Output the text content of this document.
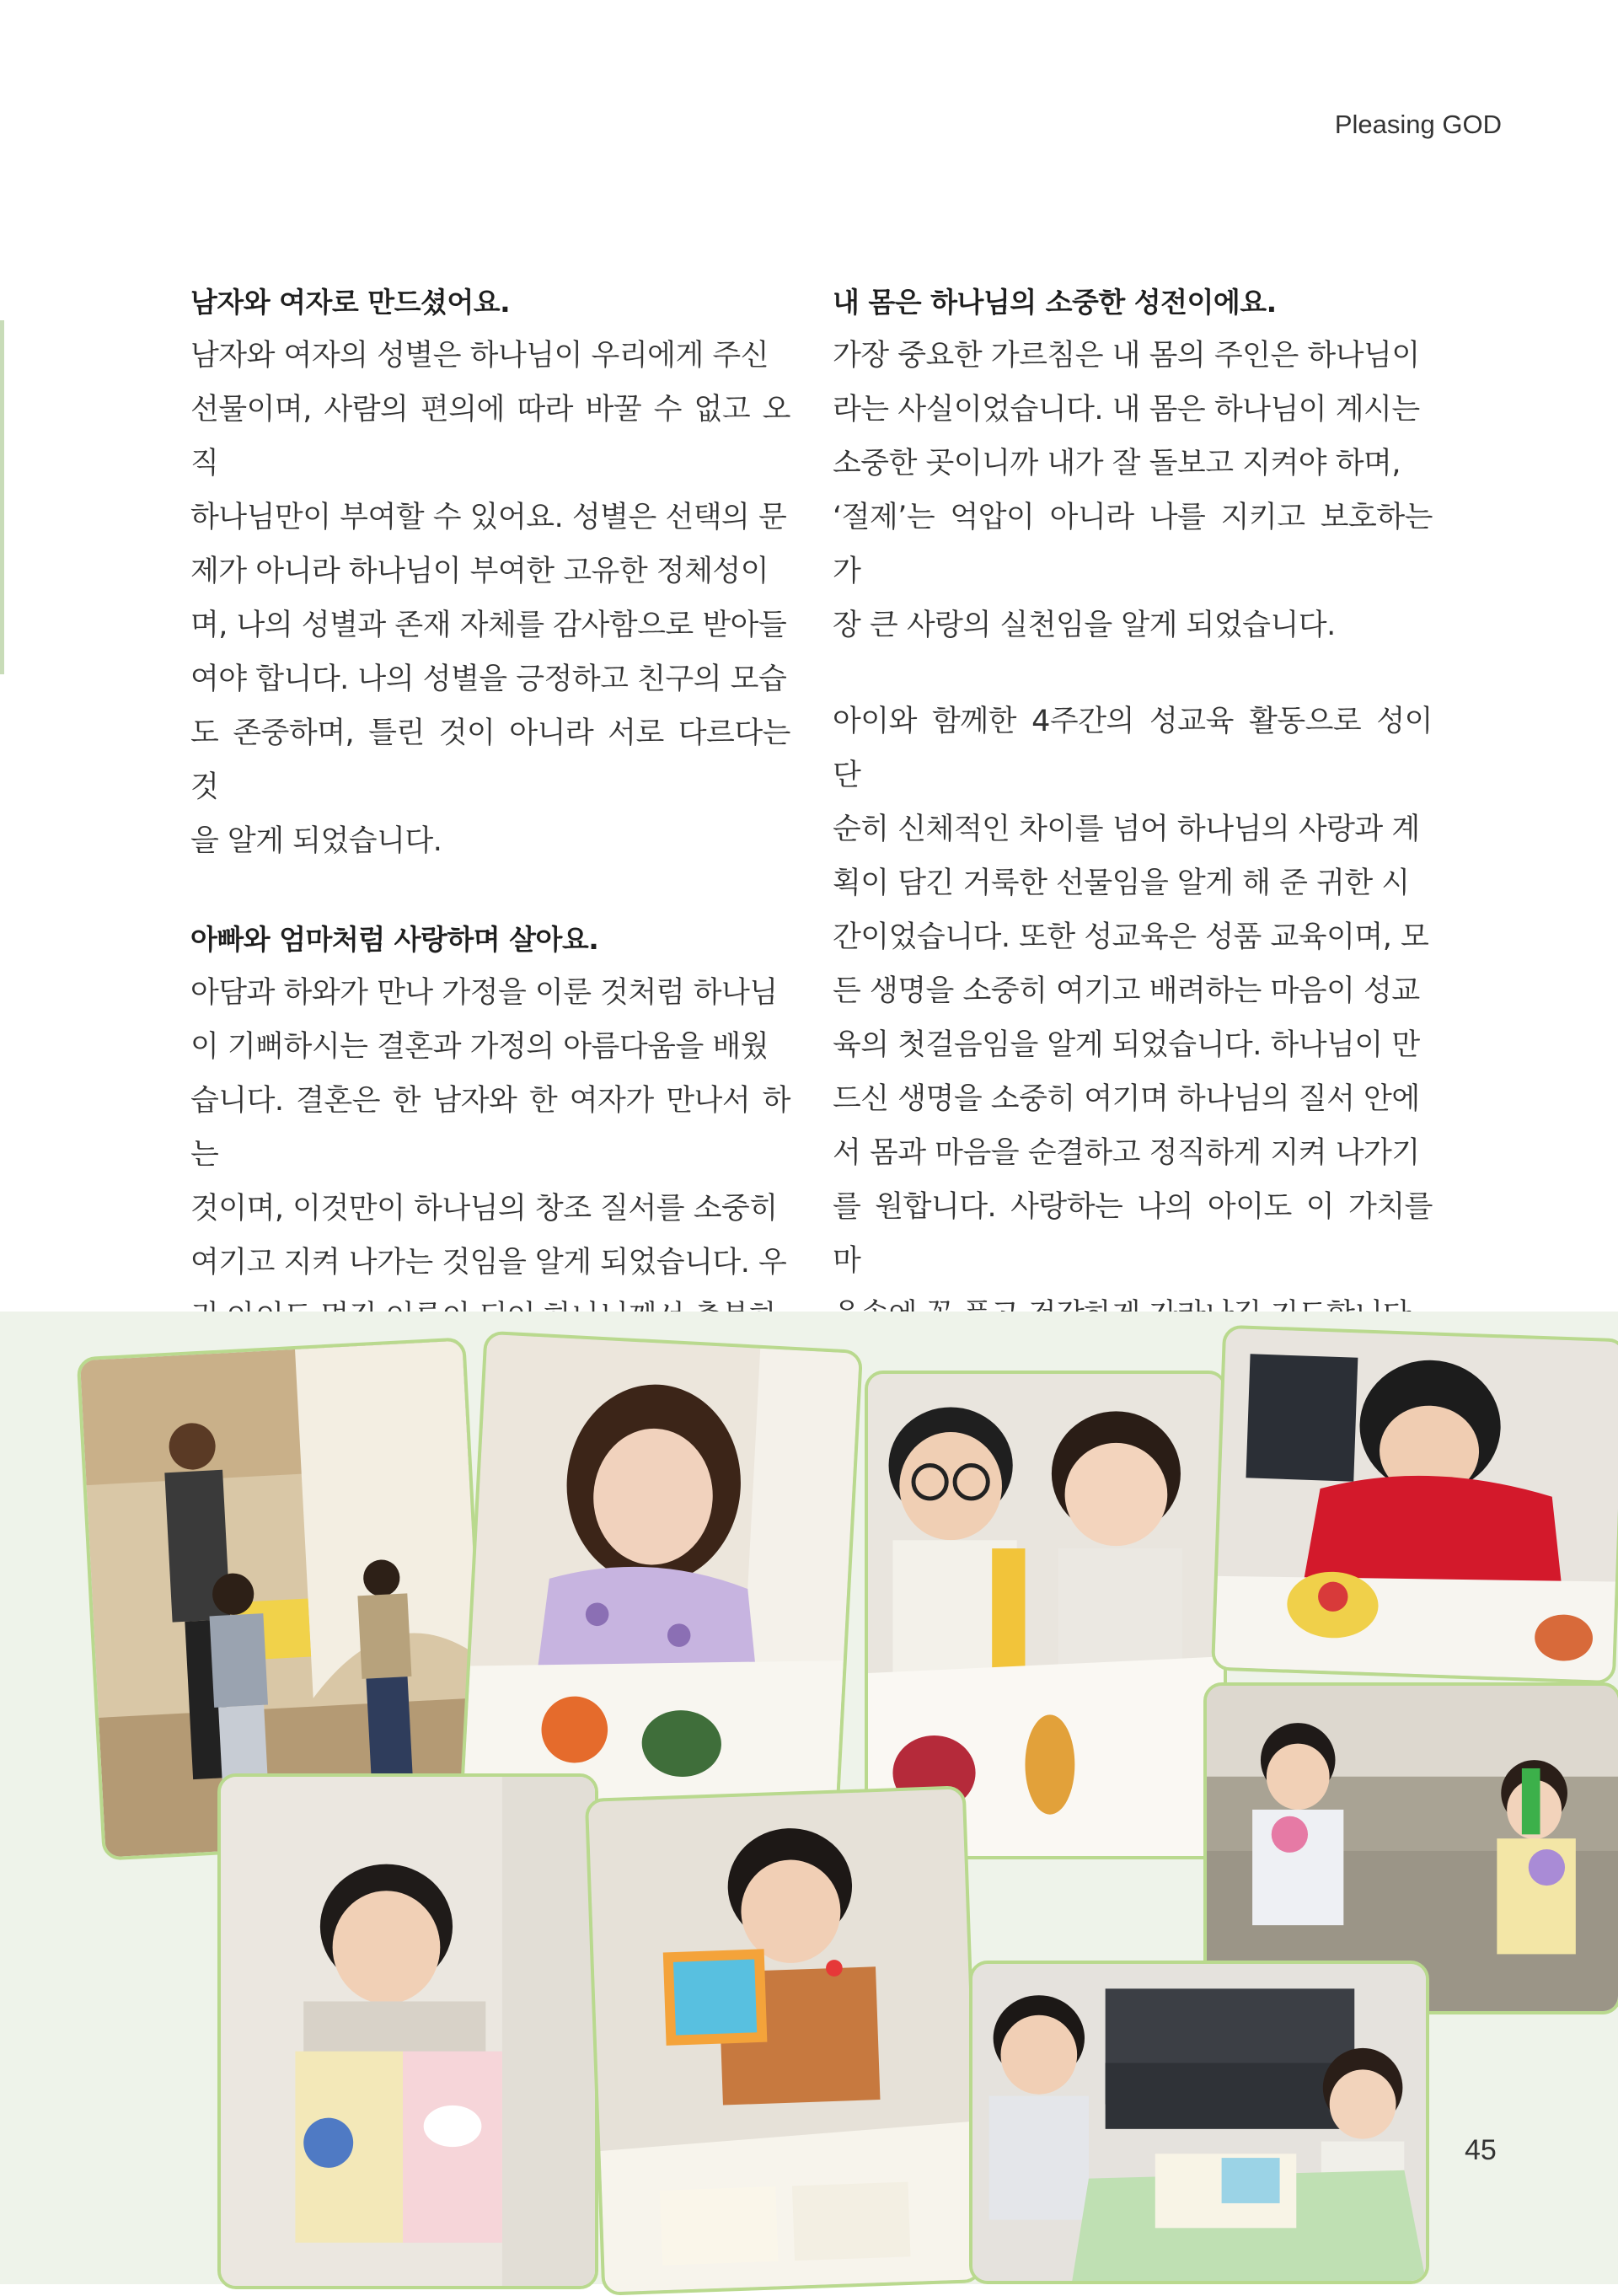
Pleasing GOD

남자와 여자로 만드셨어요.

남자와 여자의 성별은 하나님이 우리에게 주신

선물이며, 사람의 편의에 따라 바꿀 수 없고 오직

하나님만이 부여할 수 있어요. 성별은 선택의 문

제가 아니라 하나님이 부여한 고유한 정체성이

며, 나의 성별과 존재 자체를 감사함으로 받아들

여야 합니다. 나의 성별을 긍정하고 친구의 모습

도 존중하며, 틀린 것이 아니라 서로 다르다는 것

을 알게 되었습니다.

아빠와 엄마처럼 사랑하며 살아요.

아담과 하와가 만나 가정을 이룬 것처럼 하나님

이 기뻐하시는 결혼과 가정의 아름다움을 배웠

습니다. 결혼은 한 남자와 한 여자가 만나서 하는

것이며, 이것만이 하나님의 창조 질서를 소중히

여기고 지켜 나가는 것임을 알게 되었습니다. 우

내 몸은 하나님의 소중한 성전이에요.

가장 중요한 가르침은 내 몸의 주인은 하나님이

라는 사실이었습니다. 내 몸은 하나님이 계시는

소중한 곳이니까 내가 잘 돌보고 지켜야 하며,

‘절제’는 억압이 아니라 나를 지키고 보호하는 가

장 큰 사랑의 실천임을 알게 되었습니다.

아이와 함께한 4주간의 성교육 활동으로 성이 단

순히 신체적인 차이를 넘어 하나님의 사랑과 계

획이 담긴 거룩한 선물임을 알게 해 준 귀한 시

간이었습니다. 또한 성교육은 성품 교육이며, 모

든 생명을 소중히 여기고 배려하는 마음이 성교

육의 첫걸음임을 알게 되었습니다. 하나님이 만

드신 생명을 소중히 여기며 하나님의 질서 안에

서 몸과 마음을 순결하고 정직하게 지켜 나가기

를 원합니다. 사랑하는 나의 아이도 이 가치를 마

45
